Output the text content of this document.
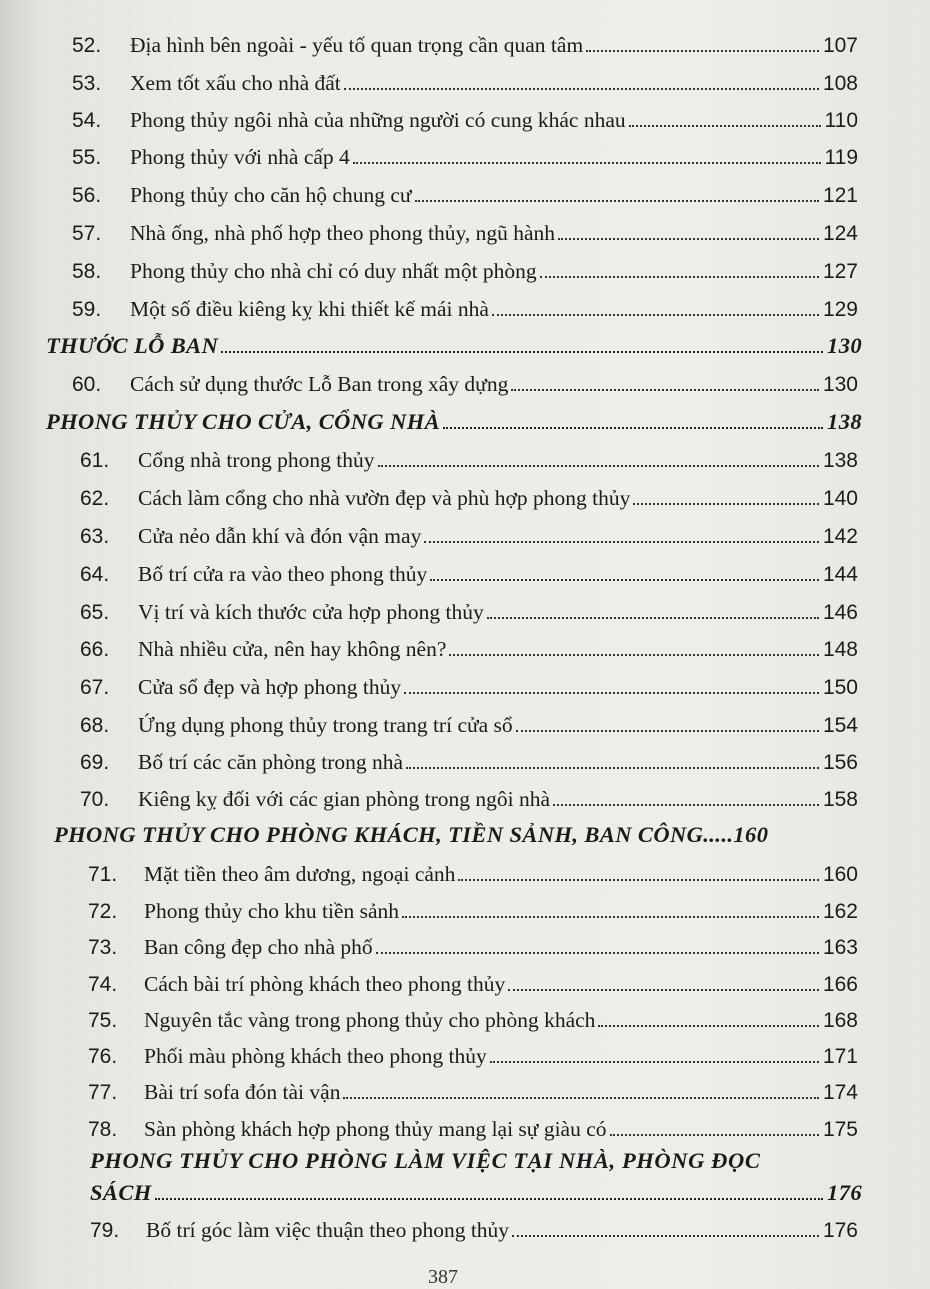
52.	Địa hình bên ngoài - yếu tố quan trọng cần quan tâm	107
53.	Xem tốt xấu cho nhà đất	108
54.	Phong thủy ngôi nhà của những người có cung khác nhau	110
55.	Phong thủy với nhà cấp 4	119
56.	Phong thủy cho căn hộ chung cư	121
57.	Nhà ống, nhà phố hợp theo phong thủy, ngũ hành	124
58.	Phong thủy cho nhà chỉ có duy nhất một phòng	127
59.	Một số điều kiêng kỵ khi thiết kế mái nhà	129
THƯỚC LỖ BAN	130
60.	Cách sử dụng thước Lỗ Ban trong xây dựng	130
PHONG THỦY CHO CỬA, CỔNG NHÀ	138
61.	Cổng nhà trong phong thủy	138
62.	Cách làm cổng cho nhà vườn đẹp và phù hợp phong thủy	140
63.	Cửa nẻo dẫn khí và đón vận may	142
64.	Bố trí cửa ra vào theo phong thủy	144
65.	Vị trí và kích thước cửa hợp phong thủy	146
66.	Nhà nhiều cửa, nên hay không nên?	148
67.	Cửa sổ đẹp và hợp phong thủy	150
68.	Ứng dụng phong thủy trong trang trí cửa sổ	154
69.	Bố trí các căn phòng trong nhà	156
70.	Kiêng kỵ đối với các gian phòng trong ngôi nhà	158
PHONG THỦY CHO PHÒNG KHÁCH, TIỀN SẢNH, BAN CÔNG..... 160
71.	Mặt tiền theo âm dương, ngoại cảnh	160
72.	Phong thủy cho khu tiền sảnh	162
73.	Ban công đẹp cho nhà phố	163
74.	Cách bài trí phòng khách theo phong thủy	166
75.	Nguyên tắc vàng trong phong thủy cho phòng khách	168
76.	Phối màu phòng khách theo phong thủy	171
77.	Bài trí sofa đón tài vận	174
78.	Sàn phòng khách hợp phong thủy mang lại sự giàu có	175
PHONG THỦY CHO PHÒNG LÀM VIỆC TẠI NHÀ, PHÒNG ĐỌC
SÁCH	176
79.	Bố trí góc làm việc thuận theo phong thủy	176
387
